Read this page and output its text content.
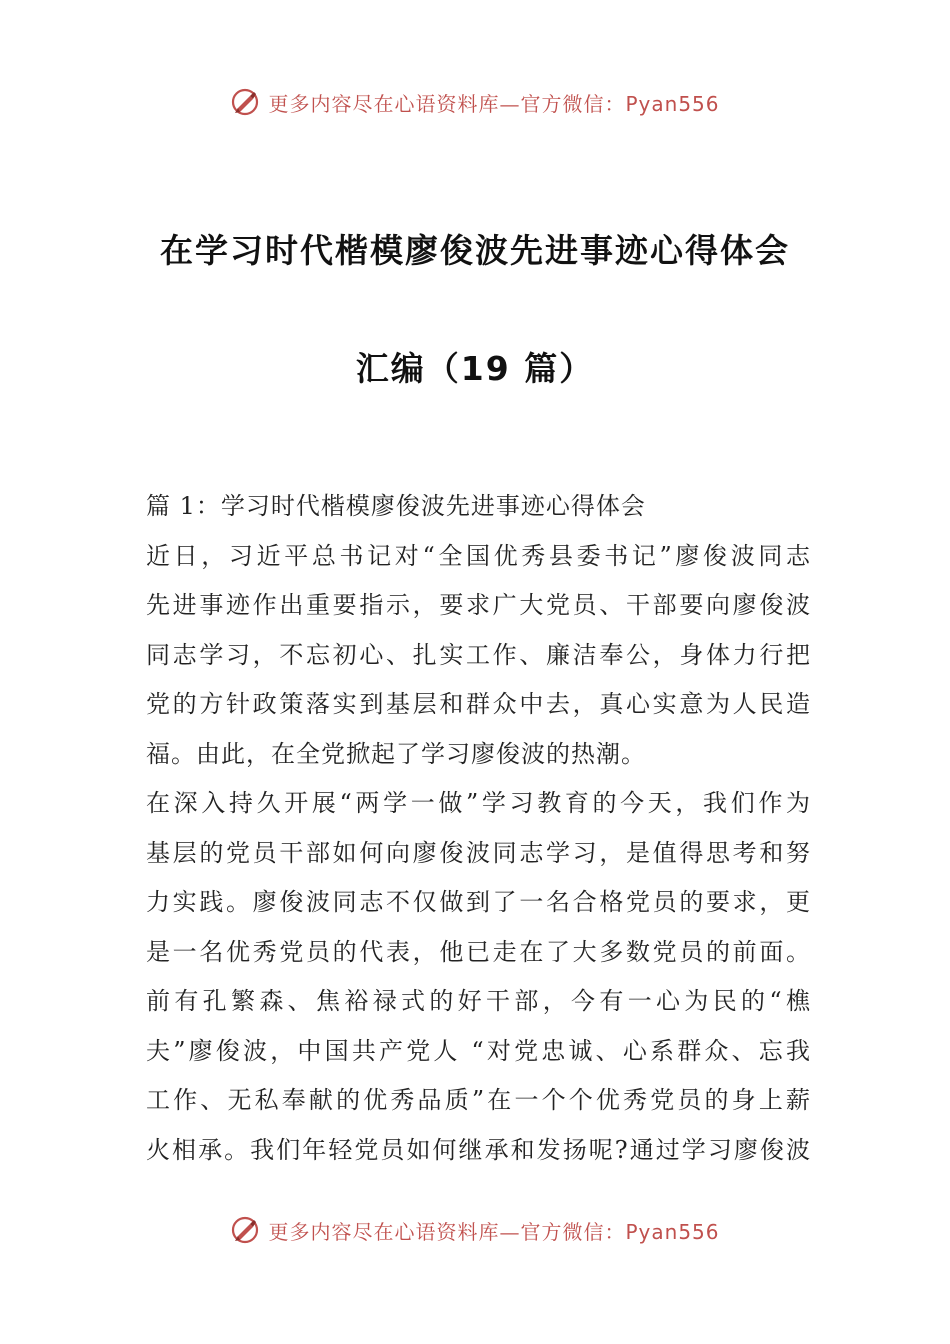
更多内容尽在心语资料库—官方微信：Pyan556
在学习时代楷模廖俊波先进事迹心得体会
汇编（19 篇）
篇 1：学习时代楷模廖俊波先进事迹心得体会
近日，习近平总书记对“全国优秀县委书记”廖俊波同志
先进事迹作出重要指示，要求广大党员、干部要向廖俊波
同志学习，不忘初心、扎实工作、廉洁奉公，身体力行把
党的方针政策落实到基层和群众中去，真心实意为人民造
福。由此，在全党掀起了学习廖俊波的热潮。
在深入持久开展“两学一做”学习教育的今天，我们作为
基层的党员干部如何向廖俊波同志学习，是值得思考和努
力实践。廖俊波同志不仅做到了一名合格党员的要求，更
是一名优秀党员的代表，他已走在了大多数党员的前面。
前有孔繁森、焦裕禄式的好干部，今有一心为民的“樵
夫”廖俊波，中国共产党人 “对党忠诚、心系群众、忘我
工作、无私奉献的优秀品质”在一个个优秀党员的身上薪
火相承。我们年轻党员如何继承和发扬呢?通过学习廖俊波
更多内容尽在心语资料库—官方微信：Pyan556
